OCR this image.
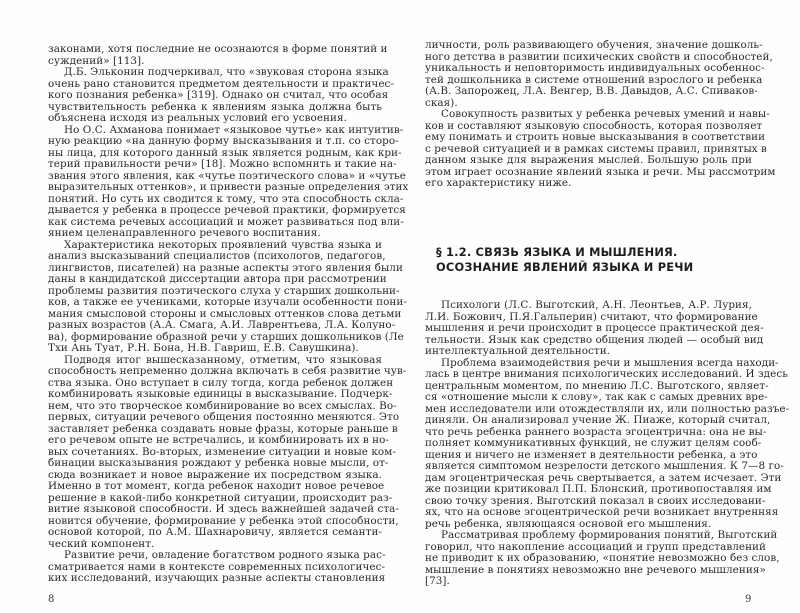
законами, хотя последние не осознаются в форме понятий и
суждений» [113].
Д.Б. Эльконин подчеркивал, что «звуковая сторона языка
очень рано становится предметом деятельности и практичес-
кого познания ребенка» [319]. Однако он считал, что особая
чувствительность ребенка к явлениям языка должна быть
объяснена исходя из реальных условий его усвоения.
Но О.С. Ахманова понимает «языковое чутье» как интуитив-
ную реакцию «на данную форму высказывания и т.п. со сторо-
ны лица, для которого данный язык является родным, как кри-
терий правильности речи» [18]. Можно вспомнить и такие на-
звания этого явления, как «чутье поэтического слова» и «чутье
выразительных оттенков», и привести разные определения этих
понятий. Но суть их сводится к тому, что эта способность скла-
дывается у ребенка в процессе речевой практики, формируется
как система речевых ассоциаций и может развиваться под вли-
янием целенаправленного речевого воспитания.
Характеристика некоторых проявлений чувства языка и
анализ высказываний специалистов (психологов, педагогов,
лингвистов, писателей) на разные аспекты этого явления были
даны в кандидатской диссертации автора при рассмотрении
проблемы развития поэтического слуха у старших дошкольни-
ков, а также ее учениками, которые изучали особенности пони-
мания смысловой стороны и смысловых оттенков слова детьми
разных возрастов (А.А. Смага, А.И. Лаврентьева, Л.А. Колуно-
ва), формирование образной речи у старших дошкольников (Ле
Тхи Ань Туат, Р.Н. Бона, Н.В. Гавриш, Е.В. Савушкина).
Подводя итог вышесказанному, отметим, что языковая
способность непременно должна включать в себя развитие чув-
ства языка. Оно вступает в силу тогда, когда ребенок должен
комбинировать языковые единицы в высказывание. Подчерк-
нем, что это творческое комбинирование во всех смыслах. Во-
первых, ситуации речевого общения постоянно меняются. Это
заставляет ребенка создавать новые фразы, которые раньше в
его речевом опыте не встречались, и комбинировать их в но-
вых сочетаниях. Во-вторых, изменение ситуации и новые ком-
бинации высказывания рождают у ребенка новые мысли, от-
сюда возникает и новое выражение их посредством языка.
Именно в тот момент, когда ребенок находит новое речевое
решение в какой-либо конкретной ситуации, происходит раз-
витие языковой способности. И здесь важнейшей задачей ста-
новится обучение, формирование у ребенка этой способности,
основой которой, по А.М. Шахнаровичу, является семанти-
ческий компонент.
Развитие речи, овладение богатством родного языка рас-
сматривается нами в контексте современных психологичес-
ких исследований, изучающих разные аспекты становления
8
личности, роль развивающего обучения, значение дошколь-
ного детства в развитии психических свойств и способностей,
уникальность и неповторимость индивидуальных особеннос-
тей дошкольника в системе отношений взрослого и ребенка
(А.В. Запорожец, Л.А. Венгер, В.В. Давыдов, А.С. Спиваков-
ская).
Совокупность развитых у ребенка речевых умений и навы-
ков и составляют языковую способность, которая позволяет
ему понимать и строить новые высказывания в соответствии
с речевой ситуацией и в рамках системы правил, принятых в
данном языке для выражения мыслей. Большую роль при
этом играет осознание явлений языка и речи. Мы рассмотрим
его характеристику ниже.
§ 1.2. СВЯЗЬ ЯЗЫКА И МЫШЛЕНИЯ.
ОСОЗНАНИЕ ЯВЛЕНИЙ ЯЗЫКА И РЕЧИ
Психологи (Л.С. Выготский, А.Н. Леонтьев, А.Р. Лурия,
Л.И. Божович, П.Я.Гальперин) считают, что формирование
мышления и речи происходит в процессе практической дея-
тельности. Язык как средство общения людей — особый вид
интеллектуальной деятельности.
Проблема взаимодействия речи и мышления всегда находи-
лась в центре внимания психологических исследований. И здесь
центральным моментом, по мнению Л.С. Выготского, являет-
ся «отношение мысли к слову», так как с самых древних вре-
мен исследователи или отождествляли их, или полностью разъе-
диняли. Он анализировал учение Ж. Пиаже, который считал,
что речь ребенка раннего возраста эгоцентрична: она не вы-
полняет коммуникативных функций, не служит целям сооб-
щения и ничего не изменяет в деятельности ребенка, а это
является симптомом незрелости детского мышления. К 7—8 го-
дам эгоцентрическая речь свертывается, а затем исчезает. Эти
же позиции критиковал П.П. Блонский, противопоставляя им
свою точку зрения. Выготский показал в своих исследовани-
ях, что на основе эгоцентрической речи возникает внутренняя
речь ребенка, являющаяся основой его мышления.
Рассматривая проблему формирования понятий, Выготский
говорил, что накопление ассоциаций и групп представлений
не приводит к их образованию, «понятие невозможно без слов,
мышление в понятиях невозможно вне речевого мышления»
[73].
9
